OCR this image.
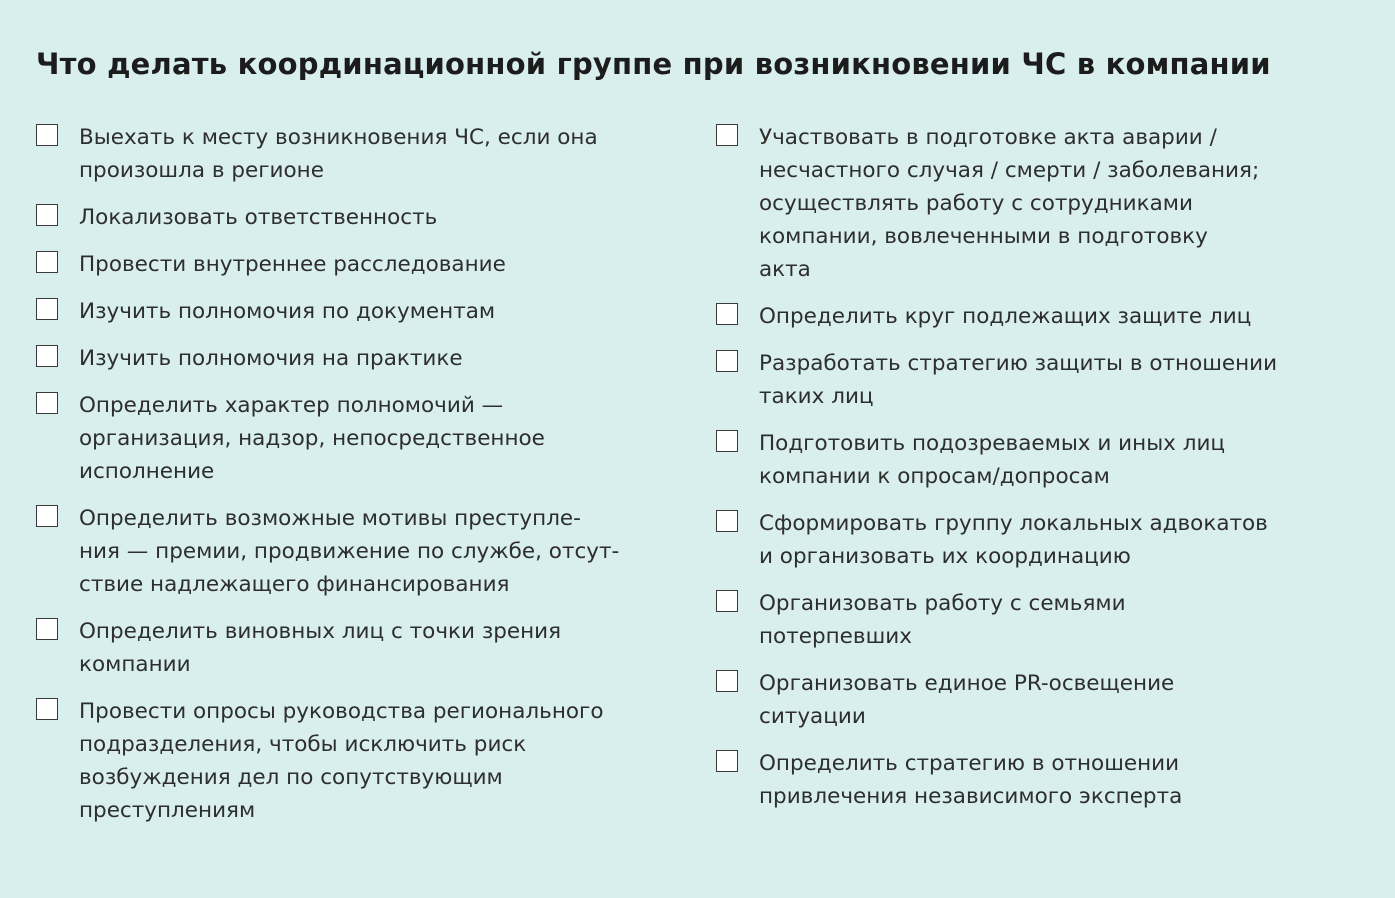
Что делать координационной группе при возникновении ЧС в компании
Выехать к месту возникновения ЧС, если она
произошла в регионе
Локализовать ответственность
Провести внутреннее расследование
Изучить полномочия по документам
Изучить полномочия на практике
Определить характер полномочий —
организация, надзор, непосредственное
исполнение
Определить возможные мотивы преступле-
ния — премии, продвижение по службе, отсут-
ствие надлежащего финансирования
Определить виновных лиц с точки зрения
компании
Провести опросы руководства регионального
подразделения, чтобы исключить риск
возбуждения дел по сопутствующим
преступлениям
Участвовать в подготовке акта аварии /
несчастного случая / смерти / заболевания;
осуществлять работу с сотрудниками
компании, вовлеченными в подготовку
акта
Определить круг подлежащих защите лиц
Разработать стратегию защиты в отношении
таких лиц
Подготовить подозреваемых и иных лиц
компании к опросам/допросам
Сформировать группу локальных адвокатов
и организовать их координацию
Организовать работу с семьями
потерпевших
Организовать единое PR-освещение
ситуации
Определить стратегию в отношении
привлечения независимого эксперта
